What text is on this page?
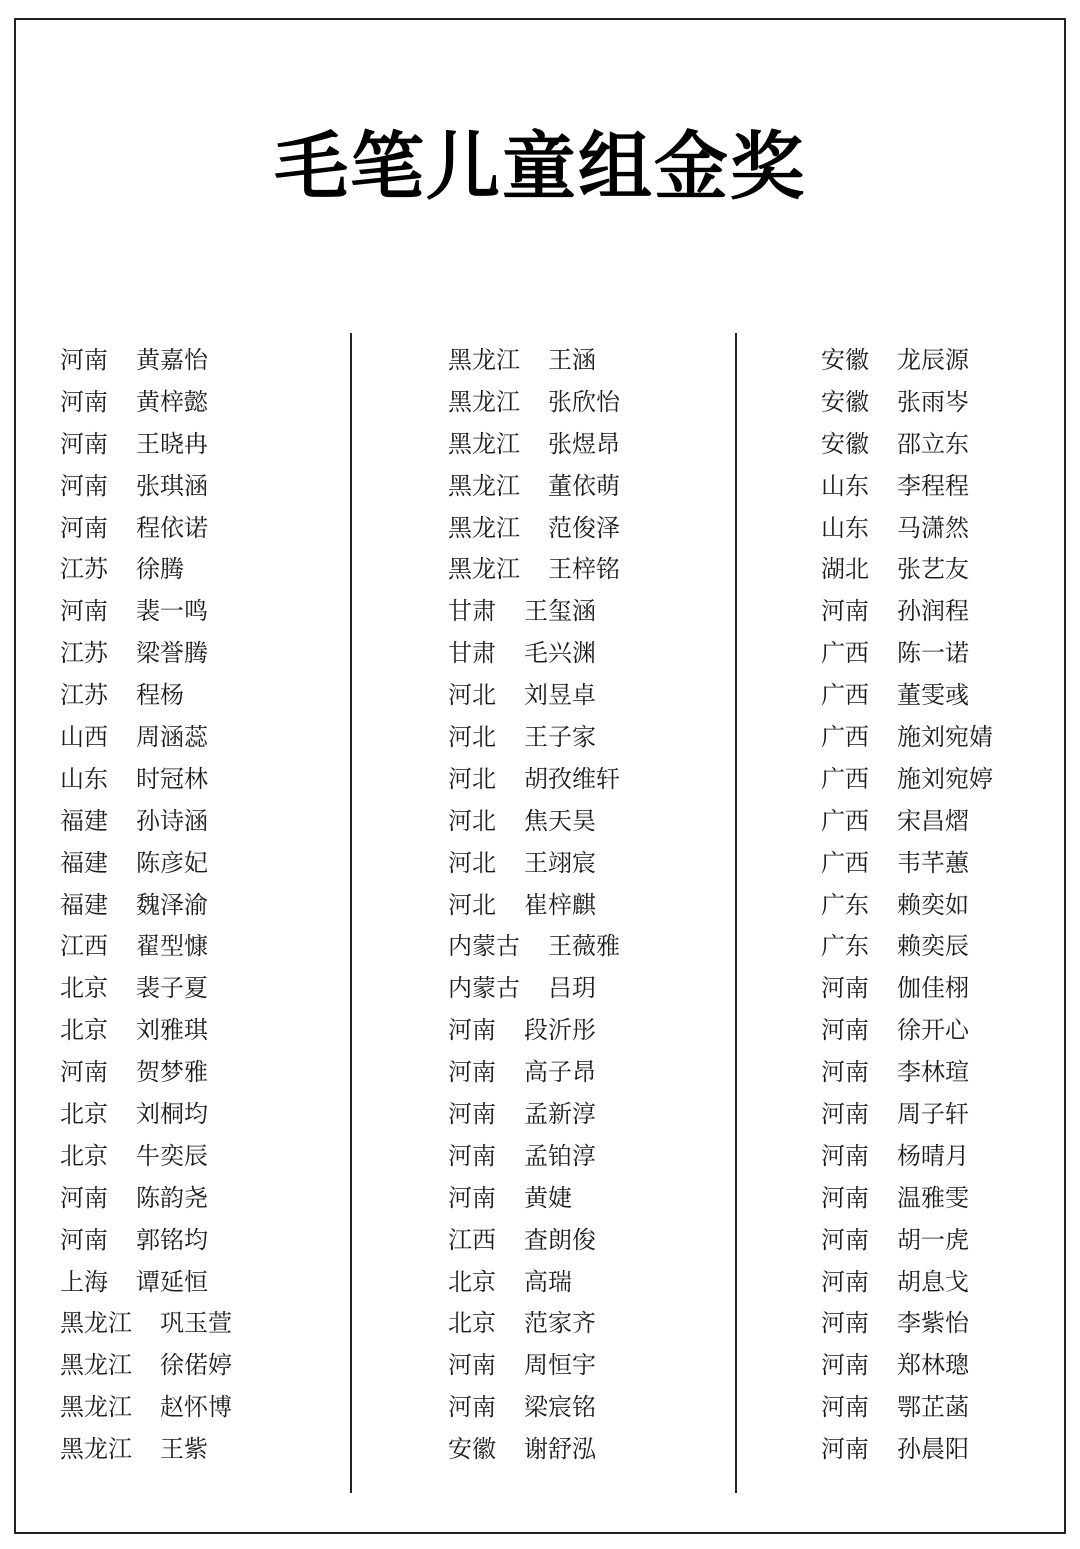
毛笔儿童组金奖
河南 黄嘉怡
河南 黄梓懿
河南 王晓冉
河南 张琪涵
河南 程依诺
江苏 徐腾
河南 裴一鸣
江苏 梁誉腾
江苏 程杨
山西 周涵蕊
山东 时冠林
福建 孙诗涵
福建 陈彦妃
福建 魏泽渝
江西 翟型慷
北京 裴子夏
北京 刘雅琪
河南 贺梦雅
北京 刘桐均
北京 牛奕辰
河南 陈韵尧
河南 郭铭均
上海 谭延恒
黑龙江 巩玉萱
黑龙江 徐偌婷
黑龙江 赵怀博
黑龙江 王紫
黑龙江 王涵
黑龙江 张欣怡
黑龙江 张煜昂
黑龙江 董依萌
黑龙江 范俊泽
黑龙江 王梓铭
甘肃 王玺涵
甘肃 毛兴渊
河北 刘昱卓
河北 王子家
河北 胡孜维轩
河北 焦天昊
河北 王翊宸
河北 崔梓麒
内蒙古 王薇雅
内蒙古 吕玥
河南 段沂彤
河南 高子昂
河南 孟新淳
河南 孟铂淳
河南 黄婕
江西 査朗俊
北京 高瑞
北京 范家齐
河南 周恒宇
河南 梁宸铭
安徽 谢舒泓
安徽 龙辰源
安徽 张雨岑
安徽 邵立东
山东 李程程
山东 马潇然
湖北 张艺友
河南 孙润程
广西 陈一诺
广西 董雯彧
广西 施刘宛婧
广西 施刘宛婷
广西 宋昌熠
广西 韦芊蕙
广东 赖奕如
广东 赖奕辰
河南 伽佳栩
河南 徐开心
河南 李林瑄
河南 周子轩
河南 杨晴月
河南 温雅雯
河南 胡一虎
河南 胡息戈
河南 李紫怡
河南 郑林璁
河南 鄂芷菡
河南 孙晨阳
